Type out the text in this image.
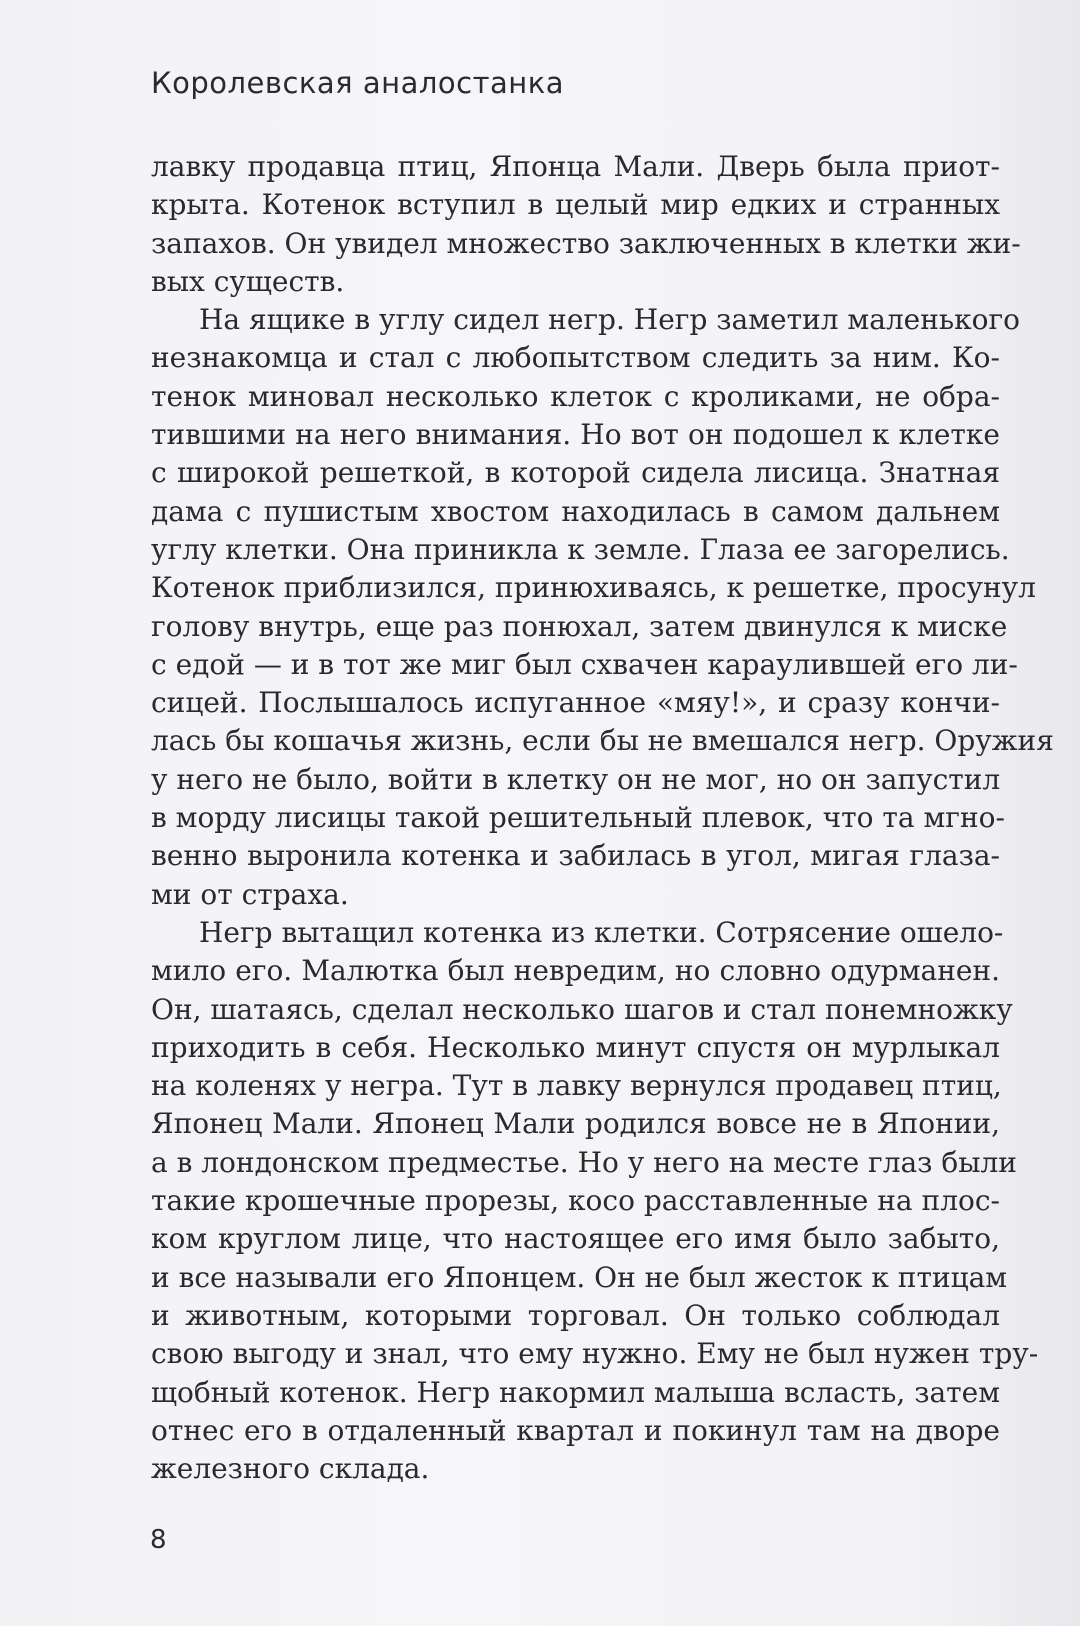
Королевская аналостанка
лавку продавца птиц, Японца Мали. Дверь была приот-
крыта. Котенок вступил в целый мир едких и странных
запахов. Он увидел множество заключенных в клетки жи-
вых существ.
На ящике в углу сидел негр. Негр заметил маленького
незнакомца и стал с любопытством следить за ним. Ко-
тенок миновал несколько клеток с кроликами, не обра-
тившими на него внимания. Но вот он подошел к клетке
с широкой решеткой, в которой сидела лисица. Знатная
дама с пушистым хвостом находилась в самом дальнем
углу клетки. Она приникла к земле. Глаза ее загорелись.
Котенок приблизился, принюхиваясь, к решетке, просунул
голову внутрь, еще раз понюхал, затем двинулся к миске
с едой — и в тот же миг был схвачен караулившей его ли-
сицей. Послышалось испуганное «мяу!», и сразу кончи-
лась бы кошачья жизнь, если бы не вмешался негр. Оружия
у него не было, войти в клетку он не мог, но он запустил
в морду лисицы такой решительный плевок, что та мгно-
венно выронила котенка и забилась в угол, мигая глаза-
ми от страха.
Негр вытащил котенка из клетки. Сотрясение ошело-
мило его. Малютка был невредим, но словно одурманен.
Он, шатаясь, сделал несколько шагов и стал понемножку
приходить в себя. Несколько минут спустя он мурлыкал
на коленях у негра. Тут в лавку вернулся продавец птиц,
Японец Мали. Японец Мали родился вовсе не в Японии,
а в лондонском предместье. Но у него на месте глаз были
такие крошечные прорезы, косо расставленные на плос-
ком круглом лице, что настоящее его имя было забыто,
и все называли его Японцем. Он не был жесток к птицам
и животным, которыми торговал. Он только соблюдал
свою выгоду и знал, что ему нужно. Ему не был нужен тру-
щобный котенок. Негр накормил малыша всласть, затем
отнес его в отдаленный квартал и покинул там на дворе
железного склада.
8
